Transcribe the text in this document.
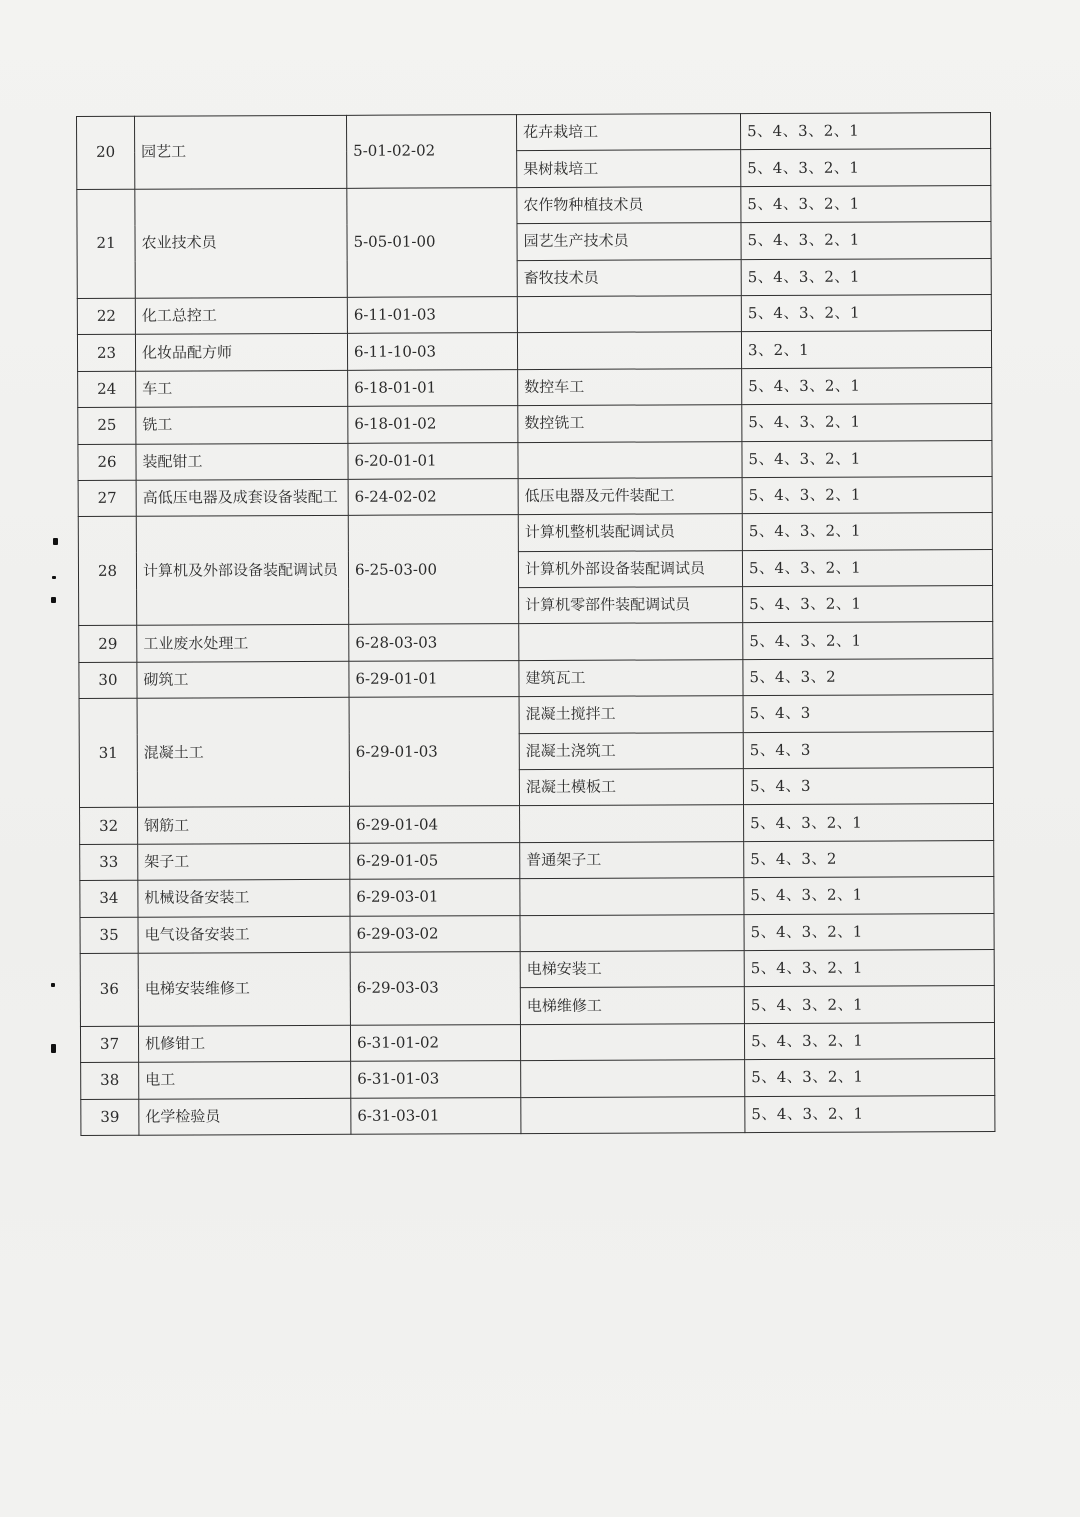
20	园艺工	5-01-02-02	花卉栽培工	5、4、3、2、1
			果树栽培工	5、4、3、2、1
21	农业技术员	5-05-01-00	农作物种植技术员	5、4、3、2、1
			园艺生产技术员	5、4、3、2、1
			畜牧技术员	5、4、3、2、1
22	化工总控工	6-11-01-03		5、4、3、2、1
23	化妆品配方师	6-11-10-03		3、2、1
24	车工	6-18-01-01	数控车工	5、4、3、2、1
25	铣工	6-18-01-02	数控铣工	5、4、3、2、1
26	装配钳工	6-20-01-01		5、4、3、2、1
27	高低压电器及成套设备装配工	6-24-02-02	低压电器及元件装配工	5、4、3、2、1
28	计算机及外部设备装配调试员	6-25-03-00	计算机整机装配调试员	5、4、3、2、1
			计算机外部设备装配调试员	5、4、3、2、1
			计算机零部件装配调试员	5、4、3、2、1
29	工业废水处理工	6-28-03-03		5、4、3、2、1
30	砌筑工	6-29-01-01	建筑瓦工	5、4、3、2
31	混凝土工	6-29-01-03	混凝土搅拌工	5、4、3
			混凝土浇筑工	5、4、3
			混凝土模板工	5、4、3
32	钢筋工	6-29-01-04		5、4、3、2、1
33	架子工	6-29-01-05	普通架子工	5、4、3、2
34	机械设备安装工	6-29-03-01		5、4、3、2、1
35	电气设备安装工	6-29-03-02		5、4、3、2、1
36	电梯安装维修工	6-29-03-03	电梯安装工	5、4、3、2、1
			电梯维修工	5、4、3、2、1
37	机修钳工	6-31-01-02		5、4、3、2、1
38	电工	6-31-01-03		5、4、3、2、1
39	化学检验员	6-31-03-01		5、4、3、2、1
